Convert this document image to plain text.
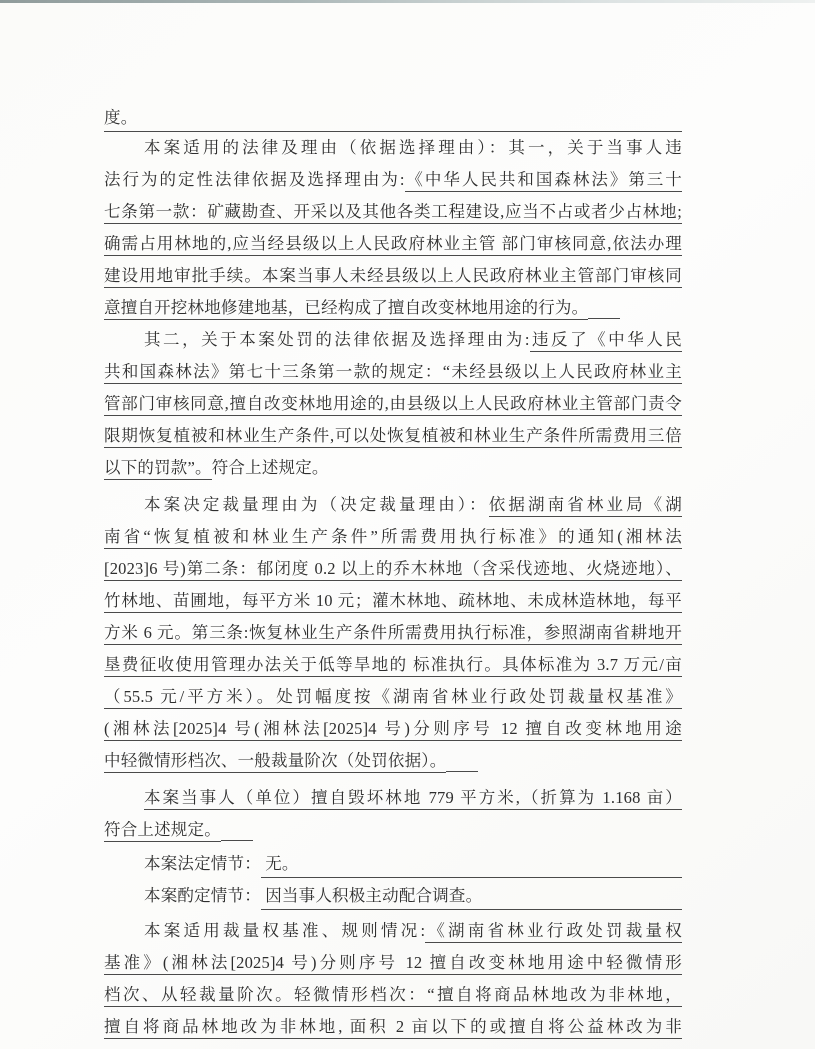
度。
本案适用的法律及理由（依据选择理由）：其一，关于当事人违
法行为的定性法律依据及选择理由为:《中华人民共和国森林法》第三十
七条第一款：矿藏勘查、开采以及其他各类工程建设,应当不占或者少占林地;
确需占用林地的,应当经县级以上人民政府林业主管 部门审核同意,依法办理
建设用地审批手续。本案当事人未经县级以上人民政府林业主管部门审核同
意擅自开挖林地修建地基，已经构成了擅自改变林地用途的行为。
其二，关于本案处罚的法律依据及选择理由为:违反了《中华人民
共和国森林法》第七十三条第一款的规定：“未经县级以上人民政府林业主
管部门审核同意,擅自改变林地用途的,由县级以上人民政府林业主管部门责令
限期恢复植被和林业生产条件,可以处恢复植被和林业生产条件所需费用三倍
以下的罚款”。符合上述规定。
本案决定裁量理由为（决定裁量理由）：依据湖南省林业局《湖
南省“恢复植被和林业生产条件”所需费用执行标准》的通知(湘林法
[2023]6 号)第二条：郁闭度 0.2 以上的乔木林地（含采伐迹地、火烧迹地）、
竹林地、苗圃地，每平方米 10 元；灌木林地、疏林地、未成林造林地，每平
方米 6 元。第三条:恢复林业生产条件所需费用执行标准，参照湖南省耕地开
垦费征收使用管理办法关于低等旱地的 标准执行。具体标准为 3.7 万元/亩
（55.5 元/平方米）。处罚幅度按《湖南省林业行政处罚裁量权基准》
(湘林法[2025]4 号(湘林法[2025]4 号)分则序号 12 擅自改变林地用途
中轻微情形档次、一般裁量阶次（处罚依据）。
本案当事人（单位）擅自毁坏林地 779 平方米,（折算为 1.168 亩）
符合上述规定。
本案法定情节： 无。
本案酌定情节： 因当事人积极主动配合调查。
本案适用裁量权基准、规则情况:《湖南省林业行政处罚裁量权
基准》(湘林法[2025]4 号)分则序号 12 擅自改变林地用途中轻微情形
档次、从轻裁量阶次。轻微情形档次：“擅自将商品林地改为非林地，
擅自将商品林地改为非林地, 面积 2 亩以下的或擅自将公益林改为非
